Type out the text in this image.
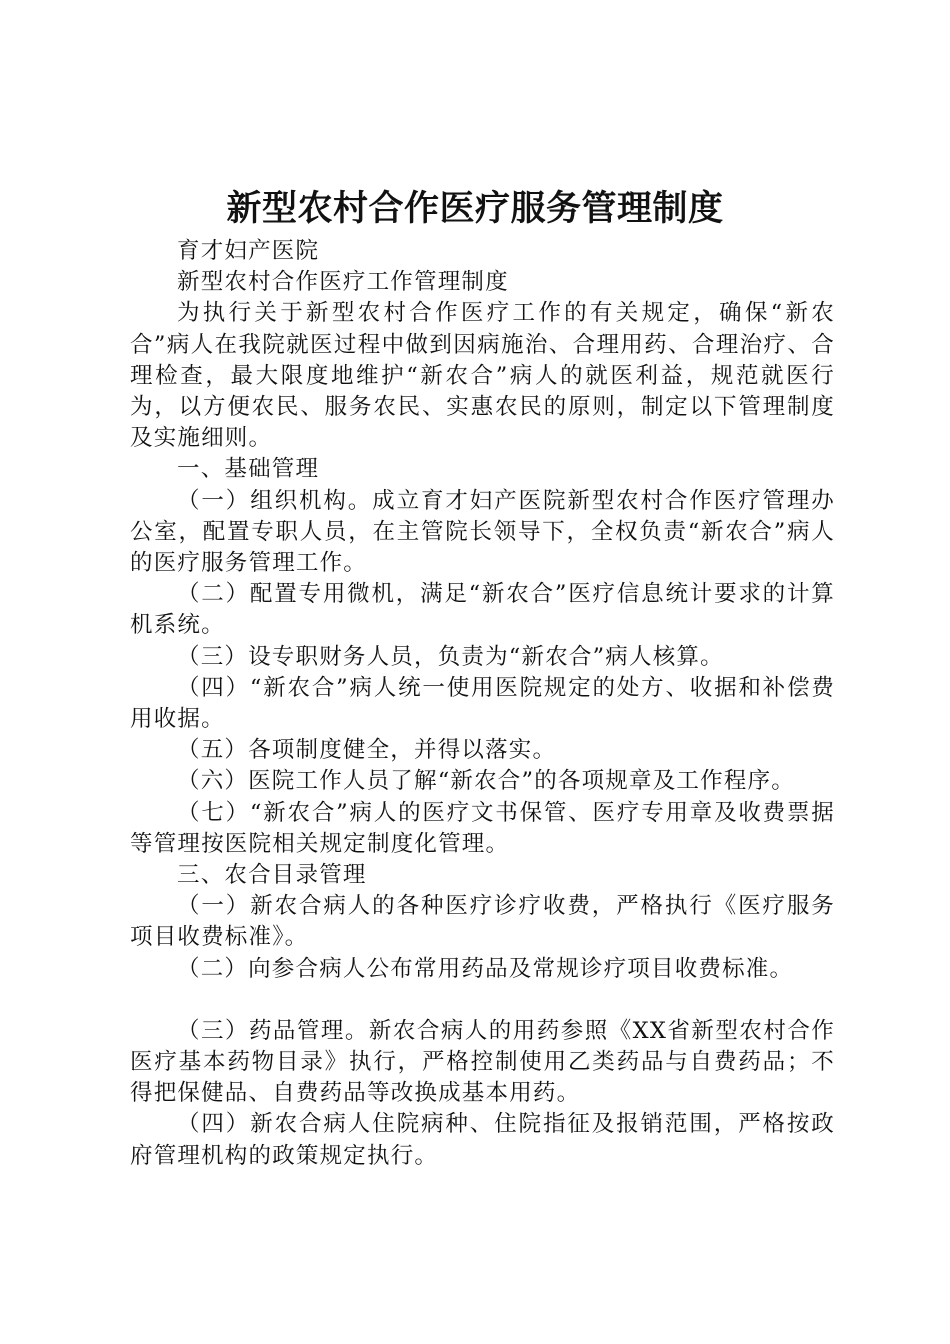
新型农村合作医疗服务管理制度

育才妇产医院

新型农村合作医疗工作管理制度

为执行关于新型农村合作医疗工作的有关规定，确保“新农合”病人在我院就医过程中做到因病施治、合理用药、合理治疗、合理检查，最大限度地维护“新农合”病人的就医利益，规范就医行为，以方便农民、服务农民、实惠农民的原则，制定以下管理制度及实施细则。

一、基础管理

（一）组织机构。成立育才妇产医院新型农村合作医疗管理办公室，配置专职人员，在主管院长领导下，全权负责“新农合”病人的医疗服务管理工作。

（二）配置专用微机，满足“新农合”医疗信息统计要求的计算机系统。

（三）设专职财务人员，负责为“新农合”病人核算。

（四）“新农合”病人统一使用医院规定的处方、收据和补偿费用收据。

（五）各项制度健全，并得以落实。

（六）医院工作人员了解“新农合”的各项规章及工作程序。

（七）“新农合”病人的医疗文书保管、医疗专用章及收费票据等管理按医院相关规定制度化管理。

三、农合目录管理

（一）新农合病人的各种医疗诊疗收费，严格执行《医疗服务项目收费标准》。

（二）向参合病人公布常用药品及常规诊疗项目收费标准。

（三）药品管理。新农合病人的用药参照《XX省新型农村合作医疗基本药物目录》执行，严格控制使用乙类药品与自费药品；不得把保健品、自费药品等改换成基本用药。

（四）新农合病人住院病种、住院指征及报销范围，严格按政府管理机构的政策规定执行。
